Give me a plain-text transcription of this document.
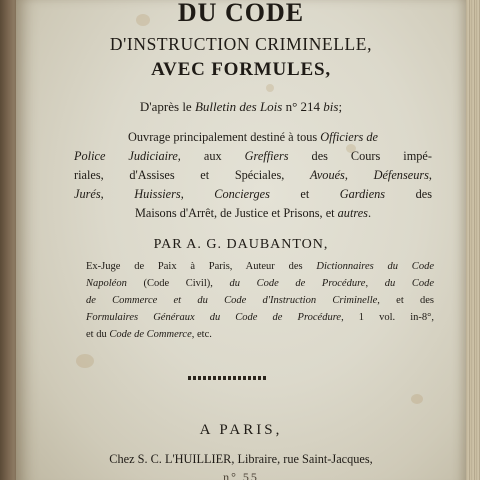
DU CODE

D'INSTRUCTION CRIMINELLE,

AVEC FORMULES,

D'après le Bulletin des Lois n° 214 bis;

Ouvrage principalement destiné à tous Officiers de

Police Judiciaire, aux Greffiers des Cours impé-

riales, d'Assises et Spéciales, Avoués, Défenseurs,

Jurés, Huissiers, Concierges et Gardiens des

Maisons d'Arrêt, de Justice et Prisons, et autres.

PAR A. G. DAUBANTON,

Ex-Juge de Paix à Paris, Auteur des Dictionnaires du Code

Napoléon (Code Civil), du Code de Procédure, du Code

de Commerce et du Code d'Instruction Criminelle, et des

Formulaires Généraux du Code de Procédure, 1 vol. in-8°,

et du Code de Commerce, etc.

A PARIS,

Chez S. C. L'HUILLIER, Libraire, rue Saint-Jacques,

n° 55
